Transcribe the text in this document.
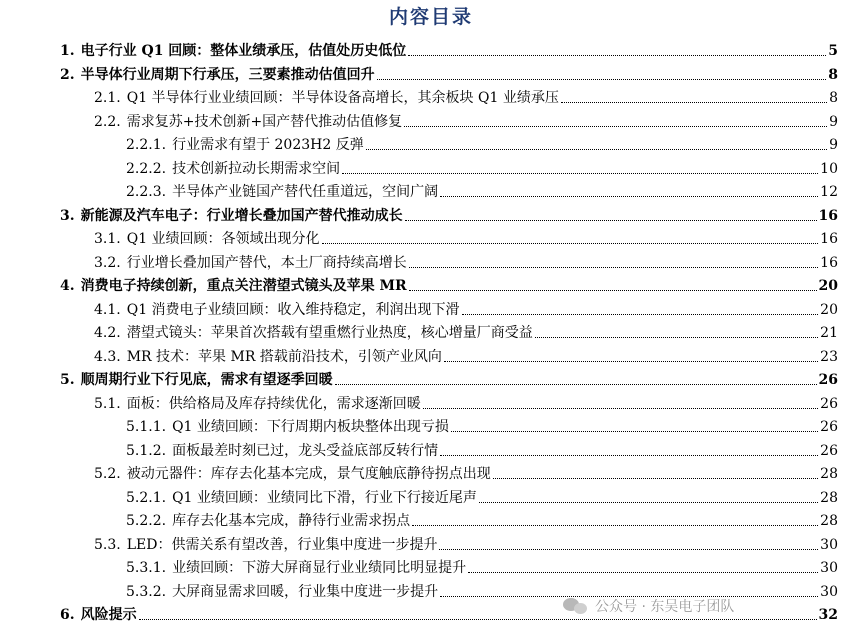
内容目录
1. 电子行业 Q1 回顾：整体业绩承压，估值处历史低位	5
2. 半导体行业周期下行承压，三要素推动估值回升	8
2.1. Q1 半导体行业业绩回顾：半导体设备高增长，其余板块 Q1 业绩承压	8
2.2. 需求复苏+技术创新+国产替代推动估值修复	9
2.2.1. 行业需求有望于 2023H2 反弹	9
2.2.2. 技术创新拉动长期需求空间	10
2.2.3. 半导体产业链国产替代任重道远，空间广阔	12
3. 新能源及汽车电子：行业增长叠加国产替代推动成长	16
3.1. Q1 业绩回顾：各领域出现分化	16
3.2. 行业增长叠加国产替代，本土厂商持续高增长	16
4. 消费电子持续创新，重点关注潜望式镜头及苹果 MR	20
4.1. Q1 消费电子业绩回顾：收入维持稳定，利润出现下滑	20
4.2. 潜望式镜头：苹果首次搭载有望重燃行业热度，核心增量厂商受益	21
4.3. MR 技术：苹果 MR 搭载前沿技术，引领产业风向	23
5. 顺周期行业下行见底，需求有望逐季回暖	26
5.1. 面板：供给格局及库存持续优化，需求逐渐回暖	26
5.1.1. Q1 业绩回顾：下行周期内板块整体出现亏损	26
5.1.2. 面板最差时刻已过，龙头受益底部反转行情	26
5.2. 被动元器件：库存去化基本完成，景气度触底静待拐点出现	28
5.2.1. Q1 业绩回顾：业绩同比下滑，行业下行接近尾声	28
5.2.2. 库存去化基本完成，静待行业需求拐点	28
5.3. LED：供需关系有望改善，行业集中度进一步提升	30
5.3.1. 业绩回顾：下游大屏商显行业业绩同比明显提升	30
5.3.2. 大屏商显需求回暖，行业集中度进一步提升	30
6. 风险提示	32
公众号 · 东吴电子团队
